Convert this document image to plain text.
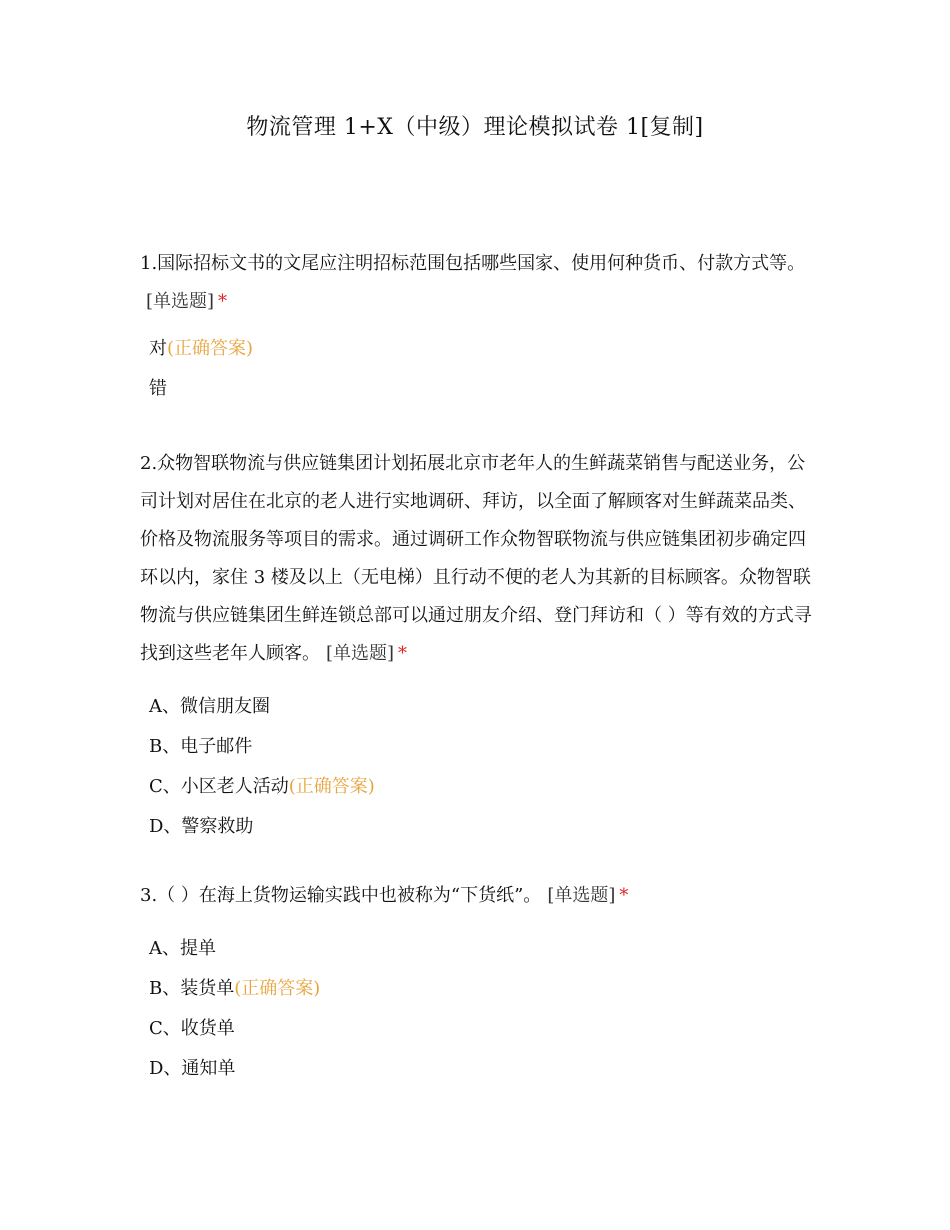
物流管理 1+X（中级）理论模拟试卷 1[复制]

1.国际招标文书的文尾应注明招标范围包括哪些国家、使用何种货币、付款方式等。[单选题] *

对(正确答案)

错

2.众物智联物流与供应链集团计划拓展北京市老年人的生鲜蔬菜销售与配送业务，公司计划对居住在北京的老人进行实地调研、拜访，以全面了解顾客对生鲜蔬菜品类、价格及物流服务等项目的需求。通过调研工作众物智联物流与供应链集团初步确定四环以内，家住 3 楼及以上（无电梯）且行动不便的老人为其新的目标顾客。众物智联物流与供应链集团生鲜连锁总部可以通过朋友介绍、登门拜访和（ ）等有效的方式寻找到这些老年人顾客。 [单选题] *

A、微信朋友圈

B、电子邮件

C、小区老人活动(正确答案)

D、警察救助

3.（ ）在海上货物运输实践中也被称为“下货纸”。 [单选题] *

A、提单

B、装货单(正确答案)

C、收货单

D、通知单
